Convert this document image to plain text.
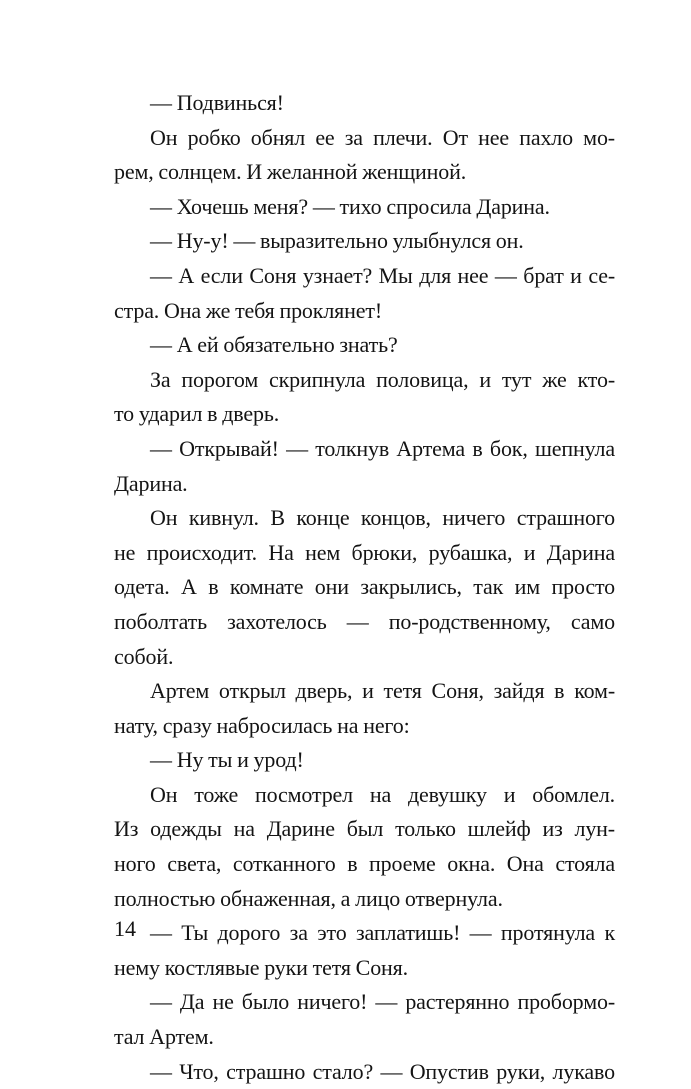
— Подвинься!
Он робко обнял ее за плечи. От нее пахло мо-
рем, солнцем. И желанной женщиной.
— Хочешь меня? — тихо спросила Дарина.
— Ну-у! — выразительно улыбнулся он.
— А если Соня узнает? Мы для нее — брат и се-
стра. Она же тебя проклянет!
— А ей обязательно знать?
За порогом скрипнула половица, и тут же кто-
то ударил в дверь.
— Открывай! — толкнув Артема в бок, шепнула
Дарина.
Он кивнул. В конце концов, ничего страшного
не происходит. На нем брюки, рубашка, и Дарина
одета. А в комнате они закрылись, так им просто
поболтать захотелось — по-родственному, само
собой.
Артем открыл дверь, и тетя Соня, зайдя в ком-
нату, сразу набросилась на него:
— Ну ты и урод!
Он тоже посмотрел на девушку и обомлел.
Из одежды на Дарине был только шлейф из лун-
ного света, сотканного в проеме окна. Она стояла
полностью обнаженная, а лицо отвернула.
— Ты дорого за это заплатишь! — протянула к
нему костлявые руки тетя Соня.
— Да не было ничего! — растерянно пробормо-
тал Артем.
— Что, страшно стало? — Опустив руки, лукаво
14
